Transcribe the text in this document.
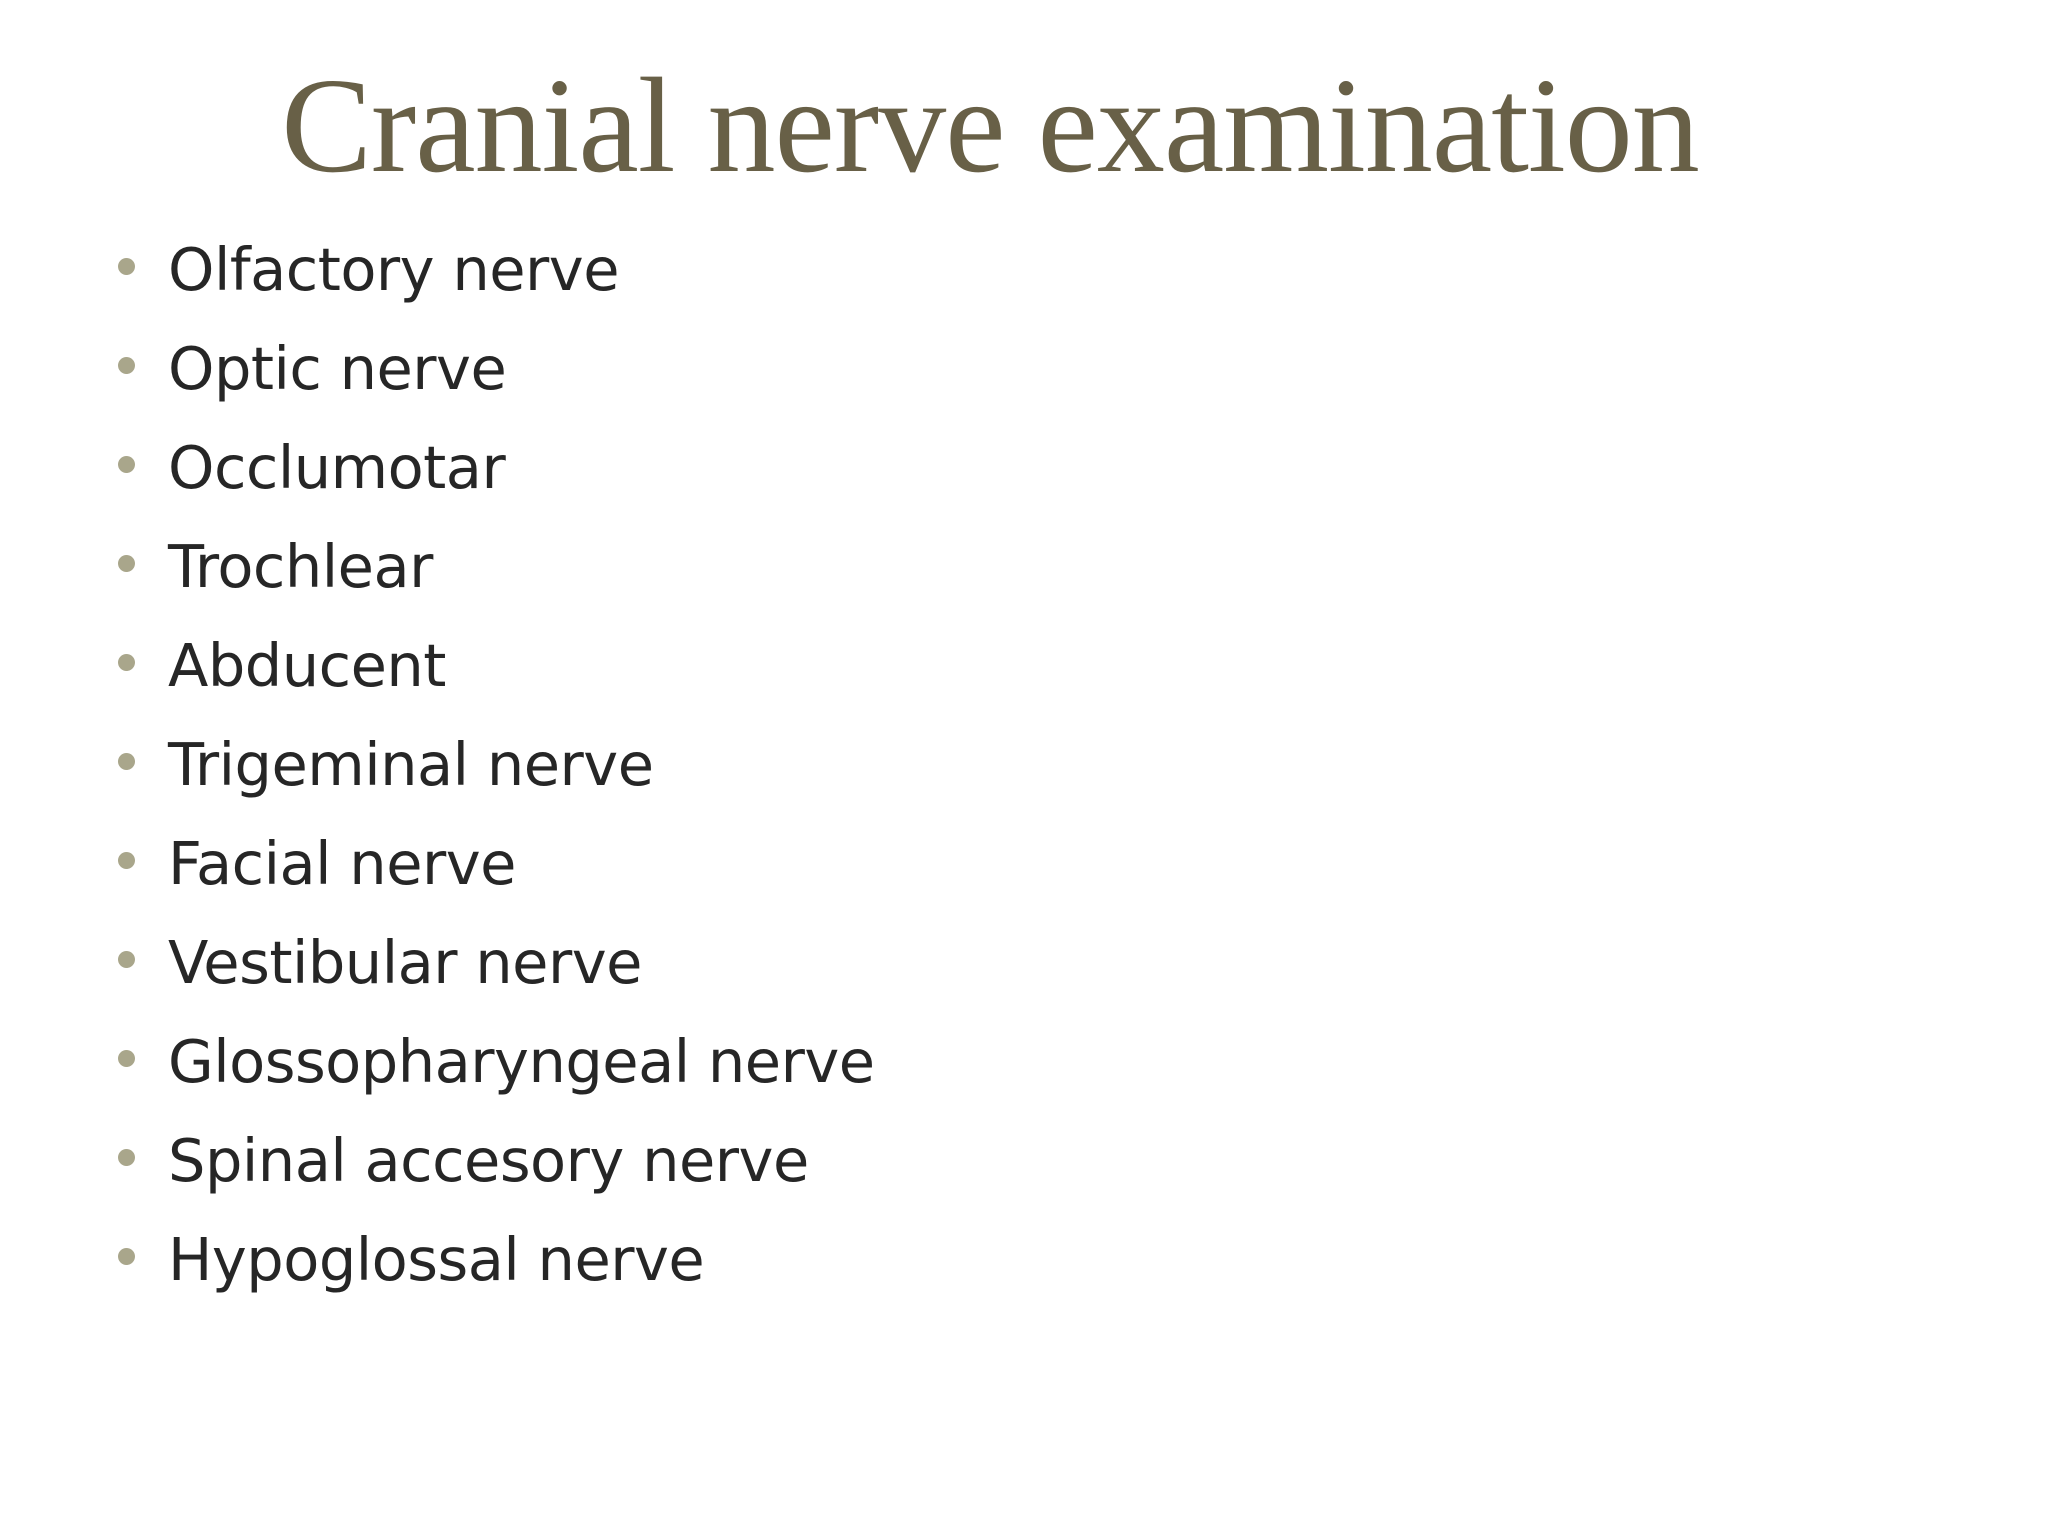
Cranial nerve examination
Olfactory nerve
Optic nerve
Occlumotar
Trochlear
Abducent
Trigeminal nerve
Facial nerve
Vestibular nerve
Glossopharyngeal nerve
Spinal accesory nerve
Hypoglossal nerve
